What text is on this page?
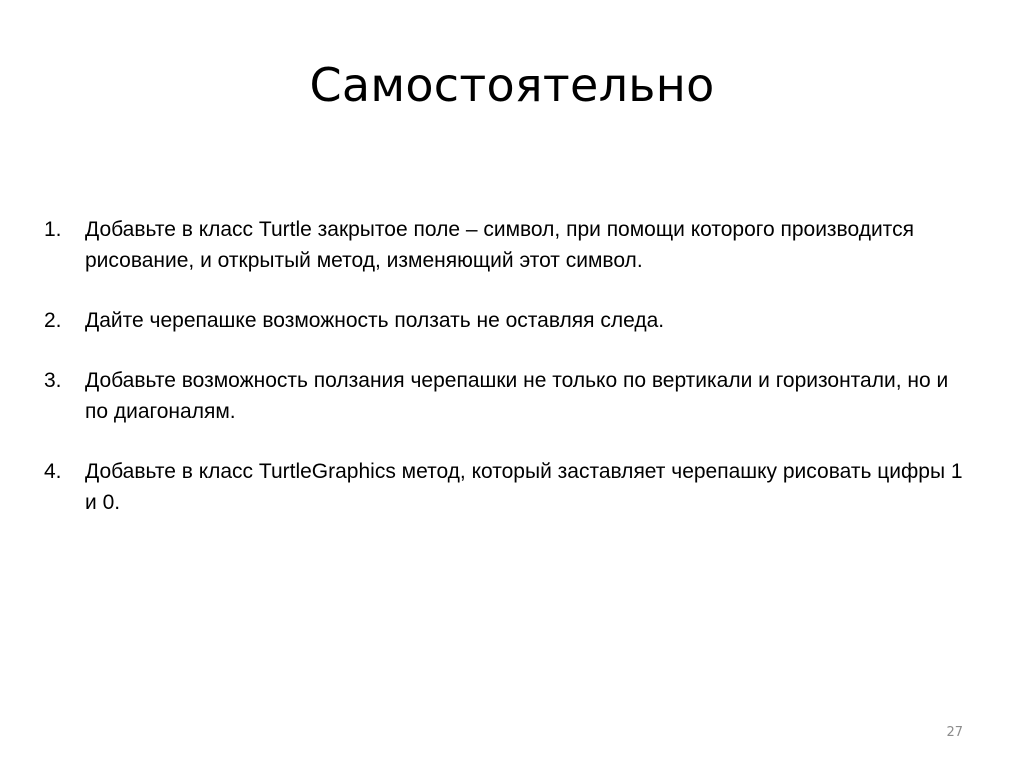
Самостоятельно
1.	Добавьте в класс Turtle закрытое поле – символ, при помощи которого производится рисование, и открытый метод, изменяющий этот символ.
2.	Дайте черепашке возможность ползать не оставляя следа.
3.	Добавьте возможность ползания черепашки не только по вертикали и горизонтали, но и по диагоналям.
4.	Добавьте в класс TurtleGraphics метод, который заставляет черепашку рисовать цифры 1 и 0.
27
